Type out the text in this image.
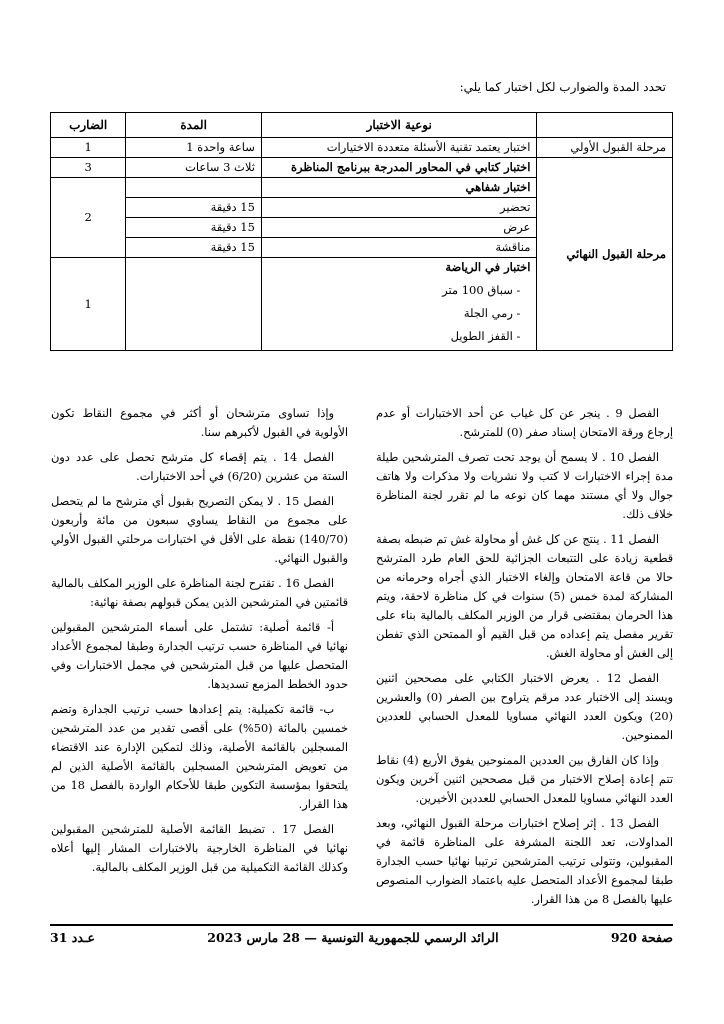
تحدد المدة والضوارب لكل اختبار كما يلي:
	نوعية الاختبار	المدة	الضارب
مرحلة القبول الأولي	اختبار يعتمد تقنية الأسئلة متعددة الاختيارات	ساعة واحدة 1	1
مرحلة القبول النهائي	اختبار كتابي في المحاور المدرجة ببرنامج المناظرة	ثلاث 3 ساعات	3
	اختبار شفاهي		2
	تحضير	15 دقيقة	
	عرض	15 دقيقة	
	مناقشة	15 دقيقة	

	اختبار في الرياضة
- سباق 100 متر
- رمي الجلة
- القفز الطويل		1

الفصل 9 . ينجر عن كل غياب عن أحد الاختبارات أو عدم إرجاع ورقة الامتحان إسناد صفر (0) للمترشح.

الفصل 10 . لا يسمح أن يوجد تحت تصرف المترشحين طيلة مدة إجراء الاختبارات لا كتب ولا نشريات ولا مذكرات ولا هاتف جوال ولا أي مستند مهما كان نوعه ما لم تقرر لجنة المناظرة خلاف ذلك.

الفصل 11 . ينتج عن كل غش أو محاولة غش تم ضبطه بصفة قطعية زيادة على التتبعات الجزائية للحق العام طرد المترشح حالا من قاعة الامتحان وإلغاء الاختبار الذي أجراه وحرمانه من المشاركة لمدة خمس (5) سنوات في كل مناظرة لاحقة، ويتم هذا الحرمان بمقتضى قرار من الوزير المكلف بالمالية بناء على تقرير مفصل يتم إعداده من قبل القيم أو الممتحن الذي تفطن إلى الغش أو محاولة الغش.

الفصل 12 . يعرض الاختبار الكتابي على مصححين اثنين ويسند إلى الاختبار عدد مرقم يتراوح بين الصفر (0) والعشرين (20) ويكون العدد النهائي مساويا للمعدل الحسابي للعددين الممنوحين.

وإذا كان الفارق بين العددين الممنوحين يفوق الأربع (4) نقاط تتم إعادة إصلاح الاختبار من قبل مصححين اثنين آخرين ويكون العدد النهائي مساويا للمعدل الحسابي للعددين الأخيرين.

الفصل 13 . إثر إصلاح اختبارات مرحلة القبول النهائي، وبعد المداولات، تعد اللجنة المشرفة على المناظرة قائمة في المقبولين، وتتولى ترتيب المترشحين ترتيبا نهائيا حسب الجدارة طبقا لمجموع الأعداد المتحصل عليه باعتماد الضوارب المنصوص عليها بالفصل 8 من هذا القرار.

وإذا تساوى مترشحان أو أكثر في مجموع النقاط تكون الأولوية في القبول لأكبرهم سنا.

الفصل 14 . يتم إقصاء كل مترشح تحصل على عدد دون الستة من عشرين (6/20) في أحد الاختبارات.

الفصل 15 . لا يمكن التصريح بقبول أي مترشح ما لم يتحصل على مجموع من النقاط يساوي سبعون من مائة وأربعون (140/70) نقطة على الأقل في اختبارات مرحلتي القبول الأولي والقبول النهائي.

الفصل 16 . تقترح لجنة المناظرة على الوزير المكلف بالمالية قائمتين في المترشحين الذين يمكن قبولهم بصفة نهائية:

أ- قائمة أصلية: تشتمل على أسماء المترشحين المقبولين نهائيا في المناظرة حسب ترتيب الجدارة وطبقا لمجموع الأعداد المتحصل عليها من قبل المترشحين في مجمل الاختبارات وفي حدود الخطط المزمع تسديدها.

ب- قائمة تكميلية: يتم إعدادها حسب ترتيب الجدارة وتضم خمسين بالمائة (50%) على أقصى تقدير من عدد المترشحين المسجلين بالقائمة الأصلية، وذلك لتمكين الإدارة عند الاقتضاء من تعويض المترشحين المسجلين بالقائمة الأصلية الذين لم يلتحقوا بمؤسسة التكوين طبقا للأحكام الواردة بالفصل 18 من هذا القرار.

الفصل 17 . تضبط القائمة الأصلية للمترشحين المقبولين نهائيا في المناظرة الخارجية بالاختبارات المشار إليها أعلاه وكذلك القائمة التكميلية من قبل الوزير المكلف بالمالية.

صفحة 920
الرائد الرسمي للجمهورية التونسية — 28 مارس 2023
عـدد 31
